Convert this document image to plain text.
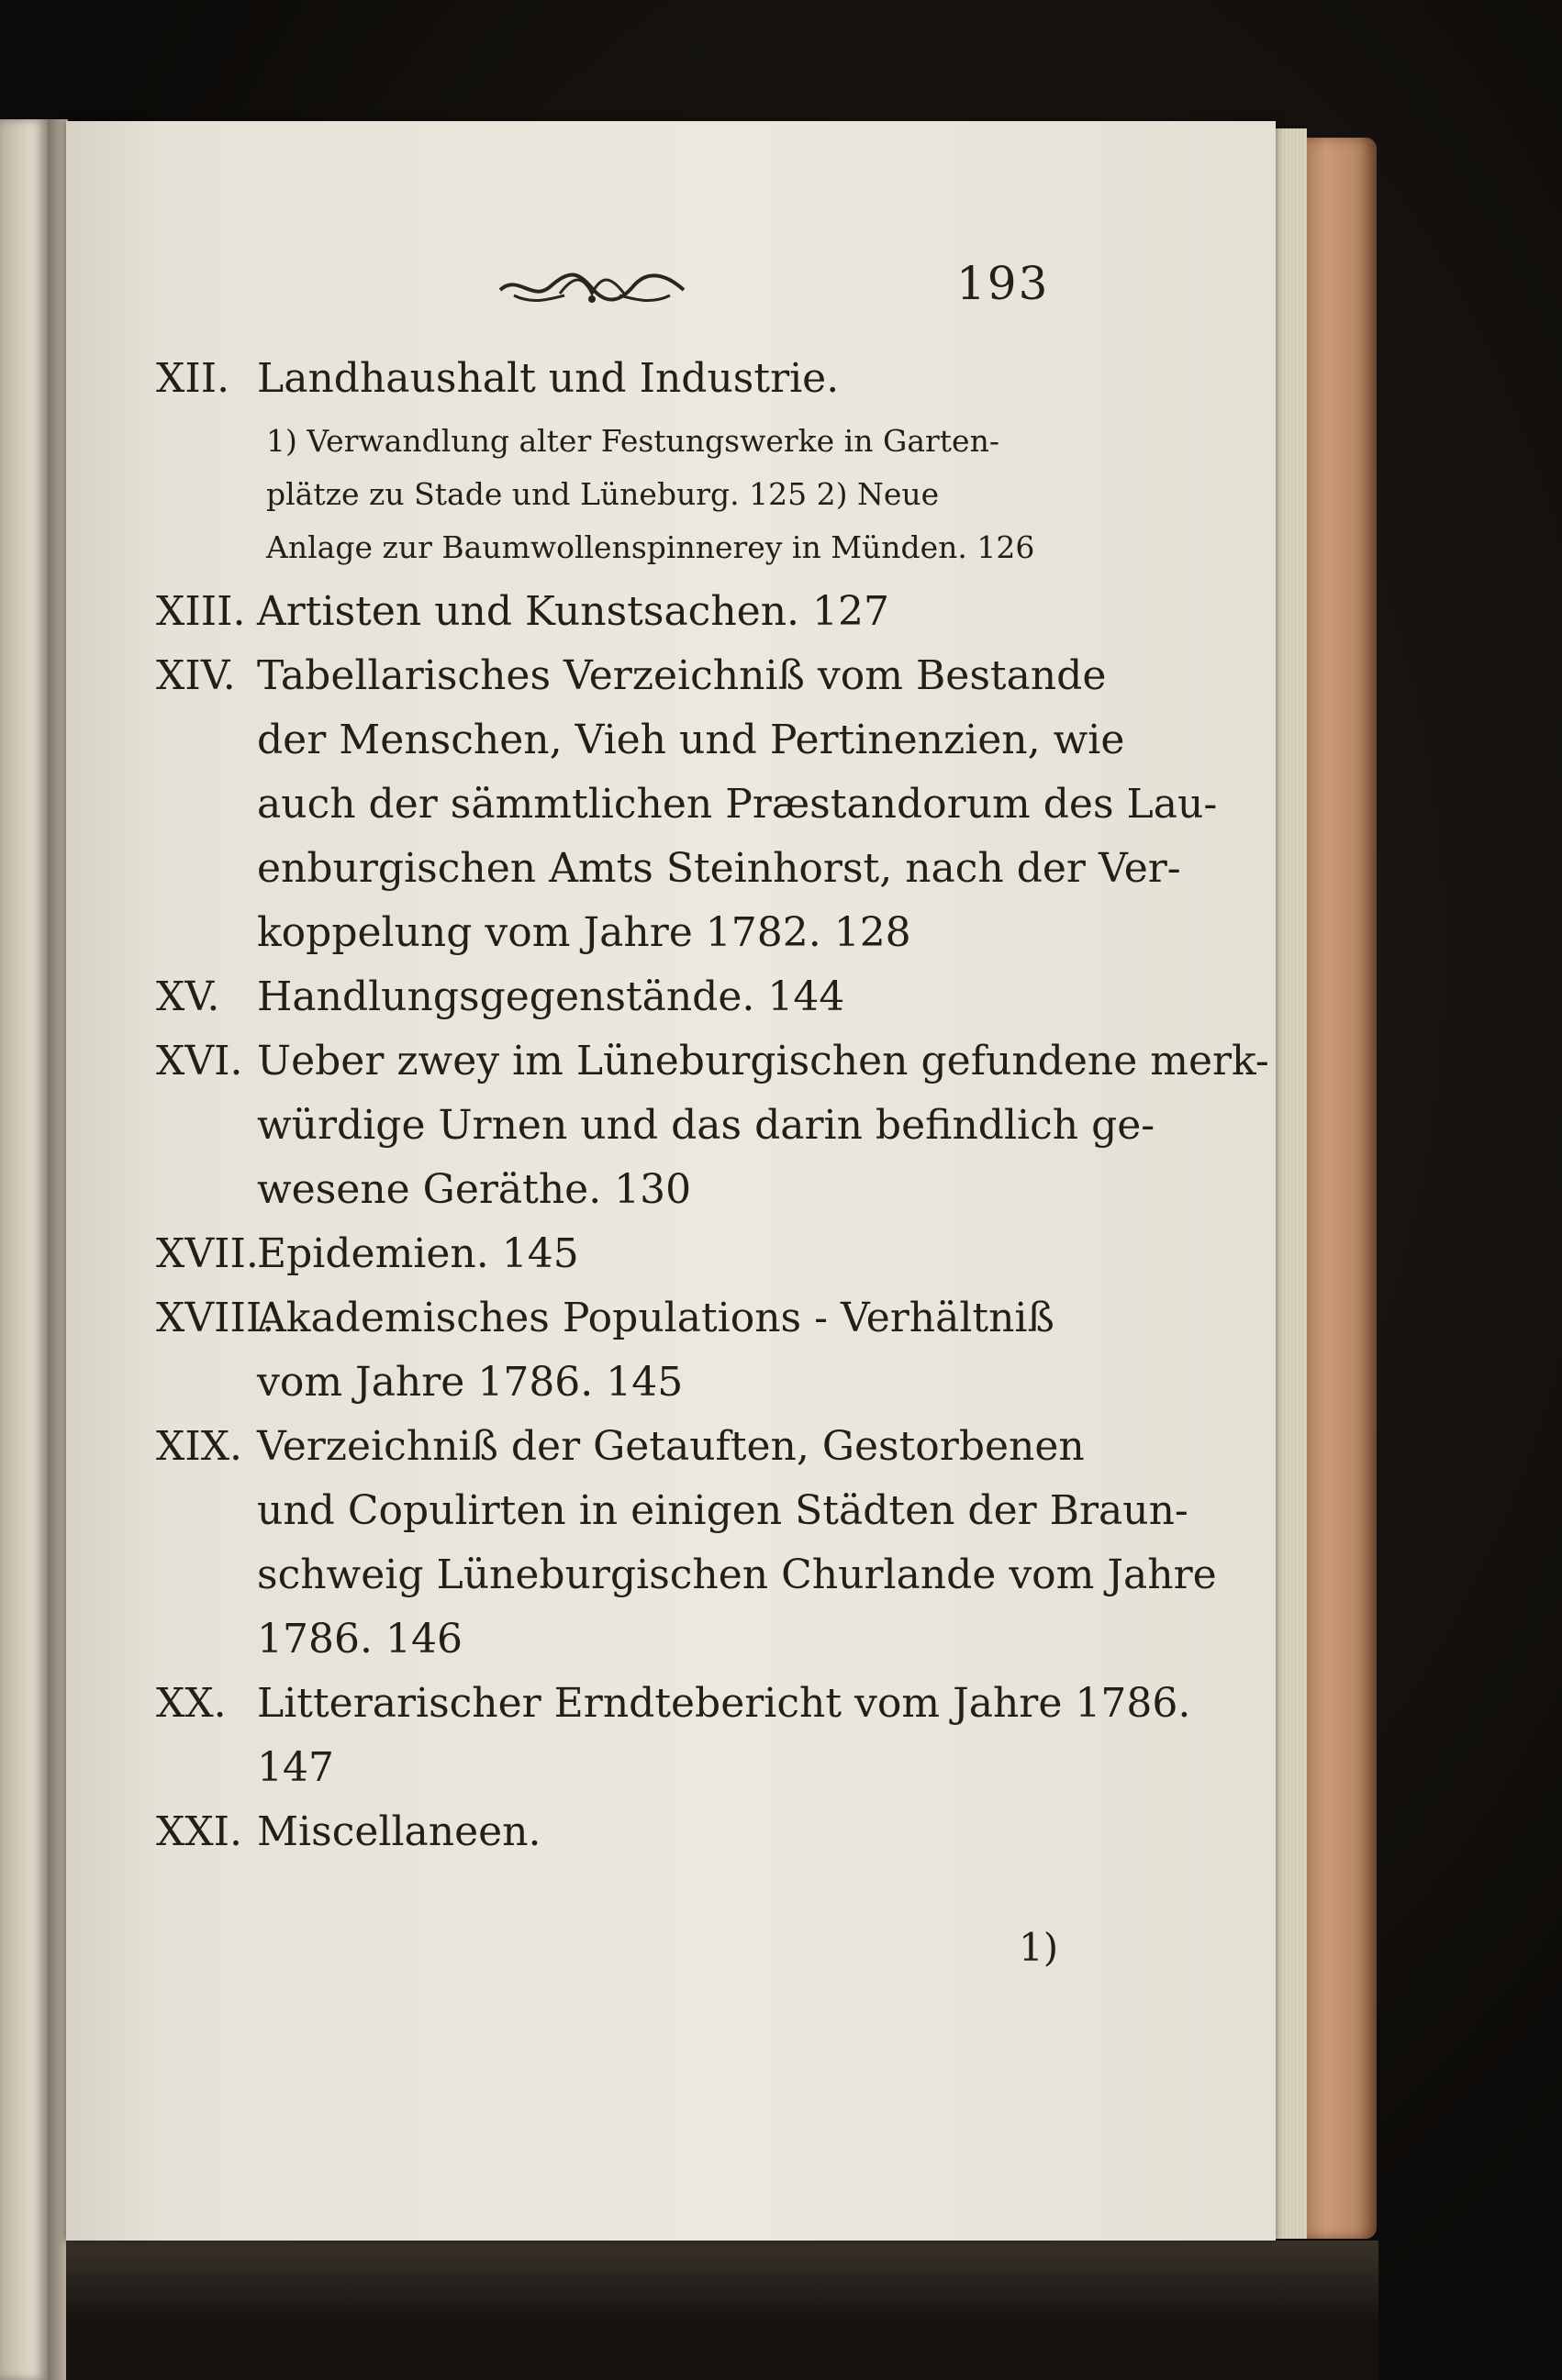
193
XII. Landhaushalt und Industrie.
1) Verwandlung alter Festungswerke in Garten-
plätze zu Stade und Lüneburg. 125 2) Neue
Anlage zur Baumwollenspinnerey in Münden. 126
XIII. Artisten und Kunstsachen. 127
XIV. Tabellarisches Verzeichniß vom Bestande
der Menschen, Vieh und Pertinenzien, wie
auch der sämmtlichen Præstandorum des Lau-
enburgischen Amts Steinhorst, nach der Ver-
koppelung vom Jahre 1782. 128
XV. Handlungsgegenstände. 144
XVI. Ueber zwey im Lüneburgischen gefundene merk-
würdige Urnen und das darin befindlich ge-
wesene Geräthe. 130
XVII.
Epidemien. 145
XVIII.
Akademisches Populations - Verhältniß
vom Jahre 1786. 145
XIX. Verzeichniß der Getauften, Gestorbenen
und Copulirten in einigen Städten der Braun-
schweig Lüneburgischen Churlande vom Jahre
1786. 146
XX. Litterarischer Erndtebericht vom Jahre 1786.
147
XXI. Miscellaneen.
1)
